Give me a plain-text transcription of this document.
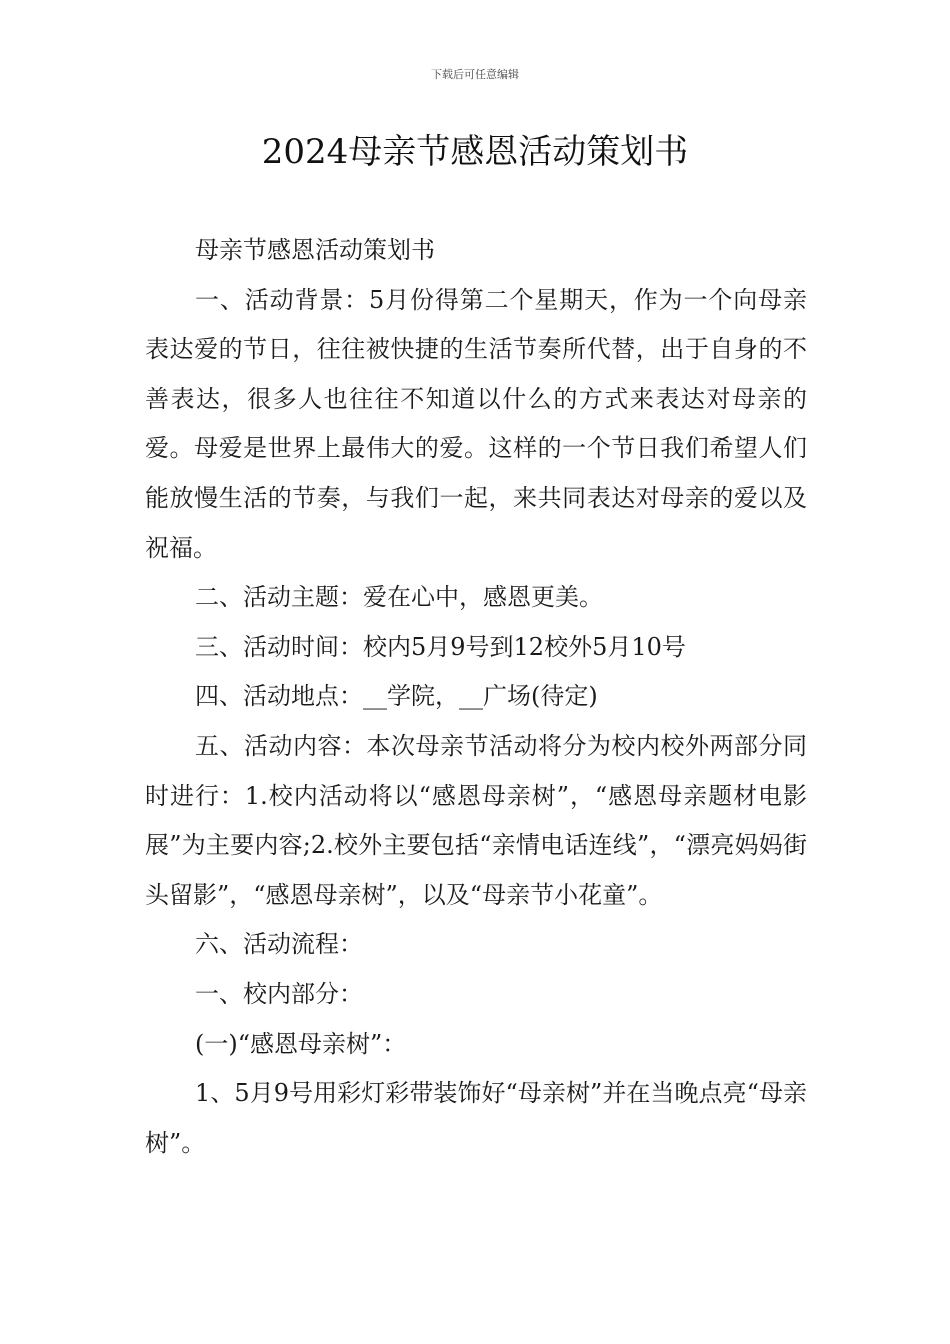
下载后可任意编辑
2024母亲节感恩活动策划书

母亲节感恩活动策划书

一、活动背景：5月份得第二个星期天，作为一个向母亲表达爱的节日，往往被快捷的生活节奏所代替，出于自身的不善表达，很多人也往往不知道以什么的方式来表达对母亲的爱。母爱是世界上最伟大的爱。这样的一个节日我们希望人们能放慢生活的节奏，与我们一起，来共同表达对母亲的爱以及祝福。

二、活动主题：爱在心中，感恩更美。

三、活动时间：校内5月9号到12校外5月10号

四、活动地点：__学院，__广场(待定)

五、活动内容：本次母亲节活动将分为校内校外两部分同时进行：1.校内活动将以“感恩母亲树”，“感恩母亲题材电影展”为主要内容;2.校外主要包括“亲情电话连线”，“漂亮妈妈街头留影”，“感恩母亲树”，以及“母亲节小花童”。

六、活动流程：

一、校内部分：

(一)“感恩母亲树”：

1、5月9号用彩灯彩带装饰好“母亲树”并在当晚点亮“母亲树”。
